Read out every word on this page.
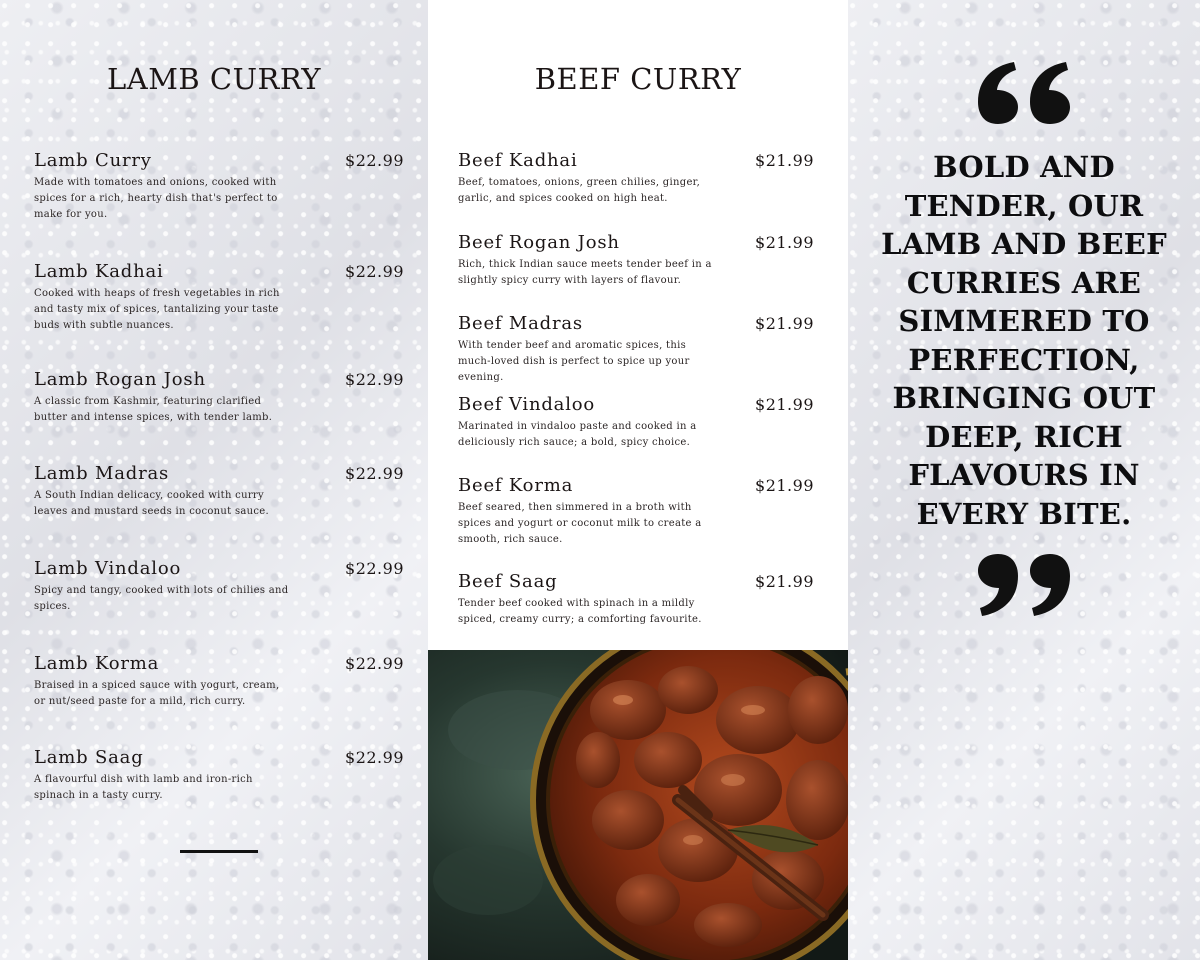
LAMB CURRY
Lamb Curry
Made with tomatoes and onions, cooked with spices for a rich, hearty dish that's perfect to make for you.
$22.99
Lamb Kadhai
Cooked with heaps of fresh vegetables in rich and tasty mix of spices, tantalizing your taste buds with subtle nuances.
$22.99
Lamb Rogan Josh
A classic from Kashmir, featuring clarified butter and intense spices, with tender lamb.
$22.99
Lamb Madras
A South Indian delicacy, cooked with curry leaves and mustard seeds in coconut sauce.
$22.99
Lamb Vindaloo
Spicy and tangy, cooked with lots of chilies and spices.
$22.99
Lamb Korma
Braised in a spiced sauce with yogurt, cream, or nut/seed paste for a mild, rich curry.
$22.99
Lamb Saag
A flavourful dish with lamb and iron-rich spinach in a tasty curry.
$22.99
BEEF CURRY
Beef Kadhai
Beef, tomatoes, onions, green chilies, ginger, garlic, and spices cooked on high heat.
$21.99
Beef Rogan Josh
Rich, thick Indian sauce meets tender beef in a slightly spicy curry with layers of flavour.
$21.99
Beef Madras
With tender beef and aromatic spices, this much-loved dish is perfect to spice up your evening.
$21.99
Beef Vindaloo
Marinated in vindaloo paste and cooked in a deliciously rich sauce; a bold, spicy choice.
$21.99
Beef Korma
Beef seared, then simmered in a broth with spices and yogurt or coconut milk to create a smooth, rich sauce.
$21.99
Beef Saag
Tender beef cooked with spinach in a mildly spiced, creamy curry; a comforting favourite.
$21.99

BOLD AND TENDER, OUR LAMB AND BEEF CURRIES ARE SIMMERED TO PERFECTION, BRINGING OUT DEEP, RICH FLAVOURS IN EVERY BITE.
